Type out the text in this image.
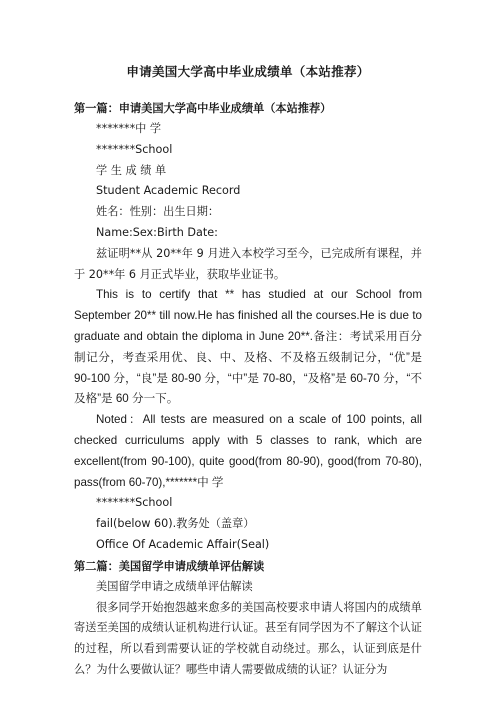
申请美国大学高中毕业成绩单（本站推荐）

第一篇：申请美国大学高中毕业成绩单（本站推荐）

*******中 学

*******School

学 生 成 绩 单

Student Academic Record

姓名：性别：出生日期：

Name:Sex:Birth Date:

兹证明**从 20**年 9 月进入本校学习至今，已完成所有课程，并于 20**年 6 月正式毕业，获取毕业证书。

This is to certify that ** has studied at our School from September 20** till now.He has finished all the courses.He is due to graduate and obtain the diploma in June 20**.备注：考试采用百分制记分，考查采用优、良、中、及格、不及格五级制记分，“优”是 90-100 分，“良”是 80-90 分，“中”是 70-80，“及格”是 60-70 分，“不及格”是 60 分一下。

Noted：All tests are measured on a scale of 100 points, all checked curriculums apply with 5 classes to rank, which are excellent(from 90-100), quite good(from 80-90), good(from 70-80), pass(from 60-70),*******中 学

*******School

fail(below 60).教务处（盖章）

Office Of Academic Affair(Seal)

第二篇：美国留学申请成绩单评估解读

美国留学申请之成绩单评估解读

很多同学开始抱怨越来愈多的美国高校要求申请人将国内的成绩单寄送至美国的成绩认证机构进行认证。甚至有同学因为不了解这个认证的过程，所以看到需要认证的学校就自动绕过。那么，认证到底是什么？为什么要做认证？哪些申请人需要做成绩的认证？认证分为
